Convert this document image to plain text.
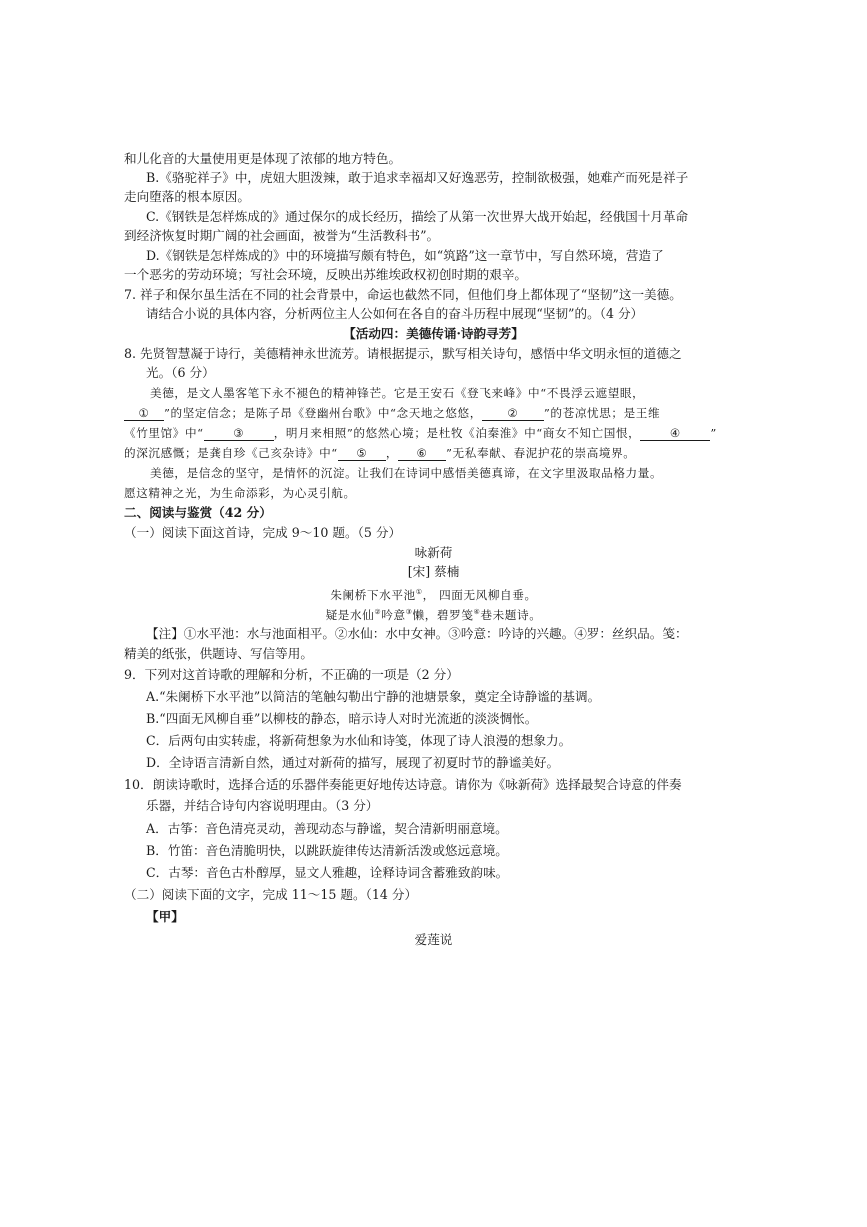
和儿化音的大量使用更是体现了浓郁的地方特色。
B.《骆驼祥子》中，虎妞大胆泼辣，敢于追求幸福却又好逸恶劳，控制欲极强，她难产而死是祥子
走向堕落的根本原因。
C.《钢铁是怎样炼成的》通过保尔的成长经历，描绘了从第一次世界大战开始起，经俄国十月革命
到经济恢复时期广阔的社会画面，被誉为“生活教科书”。
D.《钢铁是怎样炼成的》中的环境描写颇有特色，如“筑路”这一章节中，写自然环境，营造了
一个恶劣的劳动环境；写社会环境，反映出苏维埃政权初创时期的艰辛。
7. 祥子和保尔虽生活在不同的社会背景中，命运也截然不同，但他们身上都体现了“坚韧”这一美德。
请结合小说的具体内容，分析两位主人公如何在各自的奋斗历程中展现“坚韧”的。（4 分）
【活动四：美德传诵·诗韵寻芳】
8. 先贤智慧凝于诗行，美德精神永世流芳。请根据提示，默写相关诗句，感悟中华文明永恒的道德之
光。（6 分）
美德，是文人墨客笔下永不褪色的精神锋芒。它是王安石《登飞来峰》中“不畏浮云遮望眼，
① ”的坚定信念；是陈子昂《登幽州台歌》中“念天地之悠悠， ② ”的苍凉忧思；是王维
《竹里馆》中“	③	，明月来相照”的悠然心境；是杜牧《泊秦淮》中“商女不知亡国恨，	④	”
的深沉感慨；是龚自珍《己亥杂诗》中“ ⑤ ， ⑥ ”无私奉献、春泥护花的崇高境界。
美德，是信念的坚守，是情怀的沉淀。让我们在诗词中感悟美德真谛，在文字里汲取品格力量。
愿这精神之光，为生命添彩，为心灵引航。
二、阅读与鉴赏（42 分）
（一）阅读下面这首诗，完成 9～10 题。（5 分）
咏新荷
[宋] 蔡楠
朱阑桥下水平池①， 四面无风柳自垂。
疑是水仙②吟意③懒，碧罗笺④巷未题诗。
【注】①水平池：水与池面相平。②水仙：水中女神。③吟意：吟诗的兴趣。④罗：丝织品。笺：
精美的纸张，供题诗、写信等用。
9．下列对这首诗歌的理解和分析，不正确的一项是（2 分）
A.“朱阑桥下水平池”以简洁的笔触勾勒出宁静的池塘景象，奠定全诗静谧的基调。
B.“四面无风柳自垂”以柳枝的静态，暗示诗人对时光流逝的淡淡惆怅。
C．后两句由实转虚，将新荷想象为水仙和诗笺，体现了诗人浪漫的想象力。
D．全诗语言清新自然，通过对新荷的描写，展现了初夏时节的静谧美好。
10．朗读诗歌时，选择合适的乐器伴奏能更好地传达诗意。请你为《咏新荷》选择最契合诗意的伴奏
乐器，并结合诗句内容说明理由。（3 分）
A．古筝：音色清亮灵动，善现动态与静谧，契合清新明丽意境。
B．竹笛：音色清脆明快，以跳跃旋律传达清新活泼或悠远意境。
C．古琴：音色古朴醇厚，显文人雅趣，诠释诗词含蓄雅致韵味。
（二）阅读下面的文字，完成 11～15 题。（14 分）
【甲】
爱莲说
